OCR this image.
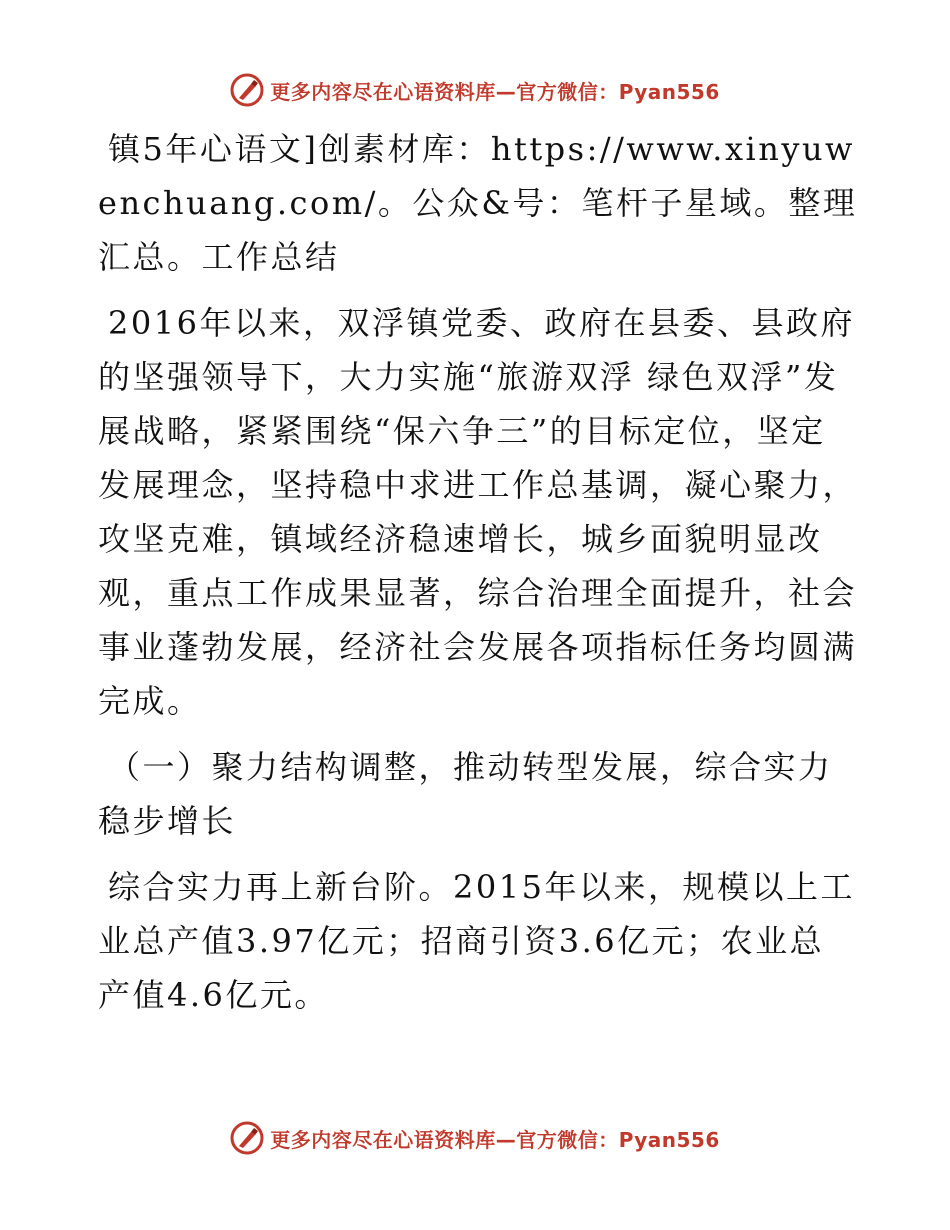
更多内容尽在心语资料库—官方微信：Pyan556

镇5年心语文]创素材库：https://www.xinyuwenchuang.com/。公众&号：笔杆子星域。整理汇总。工作总结

2016年以来，双浮镇党委、政府在县委、县政府的坚强领导下，大力实施“旅游双浮 绿色双浮”发展战略，紧紧围绕“保六争三”的目标定位，坚定发展理念，坚持稳中求进工作总基调，凝心聚力，攻坚克难，镇域经济稳速增长，城乡面貌明显改观，重点工作成果显著，综合治理全面提升，社会事业蓬勃发展，经济社会发展各项指标任务均圆满完成。

（一）聚力结构调整，推动转型发展，综合实力稳步增长

综合实力再上新台阶。2015年以来，规模以上工业总产值3.97亿元；招商引资3.6亿元；农业总产值4.6亿元。

更多内容尽在心语资料库—官方微信：Pyan556
